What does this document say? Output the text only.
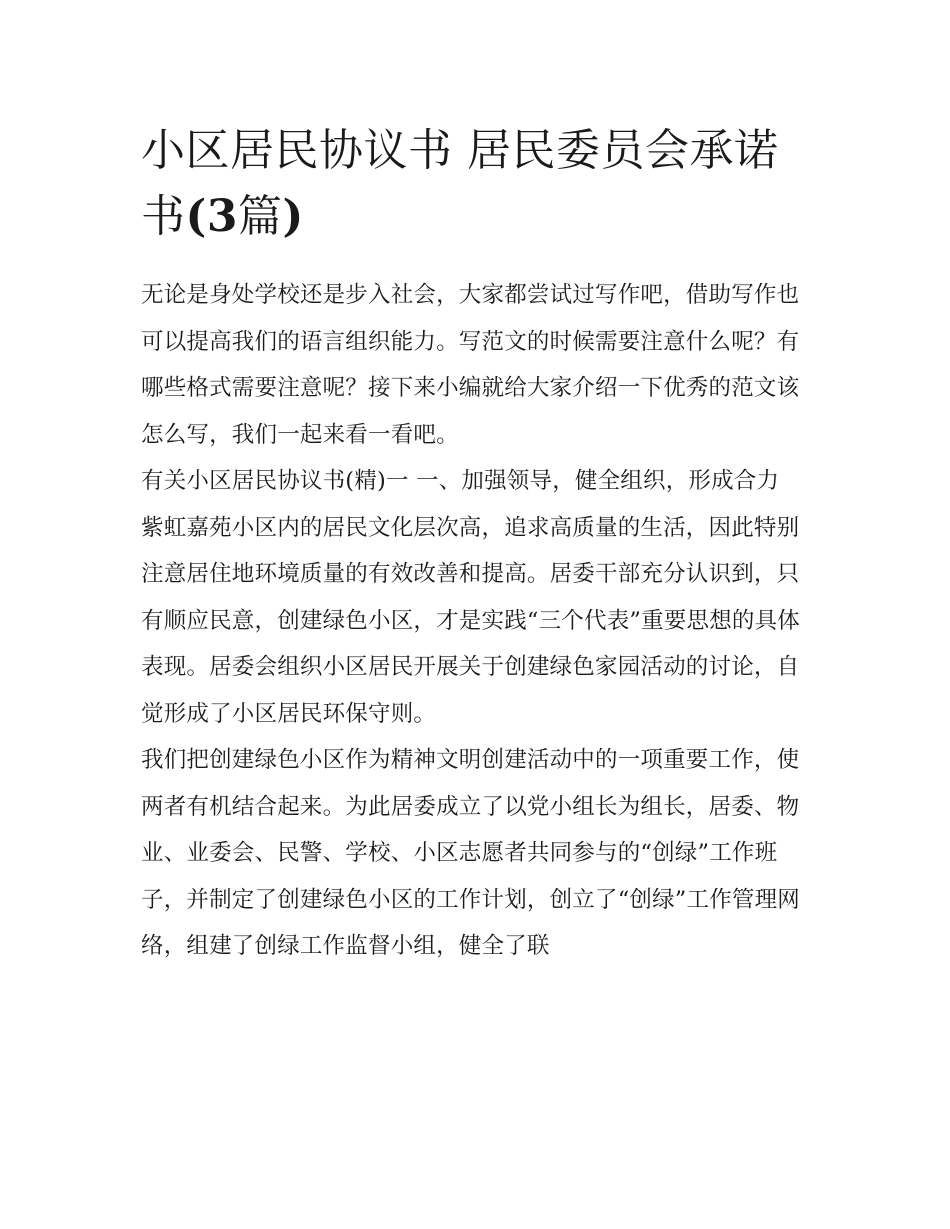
小区居民协议书 居民委员会承诺书(3篇)

无论是身处学校还是步入社会，大家都尝试过写作吧，借助写作也可以提高我们的语言组织能力。写范文的时候需要注意什么呢？有哪些格式需要注意呢？接下来小编就给大家介绍一下优秀的范文该怎么写，我们一起来看一看吧。

有关小区居民协议书(精)一 一、加强领导，健全组织，形成合力

紫虹嘉苑小区内的居民文化层次高，追求高质量的生活，因此特别注意居住地环境质量的有效改善和提高。居委干部充分认识到，只有顺应民意，创建绿色小区，才是实践“三个代表”重要思想的具体表现。居委会组织小区居民开展关于创建绿色家园活动的讨论，自觉形成了小区居民环保守则。

我们把创建绿色小区作为精神文明创建活动中的一项重要工作，使两者有机结合起来。为此居委成立了以党小组长为组长，居委、物业、业委会、民警、学校、小区志愿者共同参与的“创绿”工作班子，并制定了创建绿色小区的工作计划，创立了“创绿”工作管理网络，组建了创绿工作监督小组，健全了联
